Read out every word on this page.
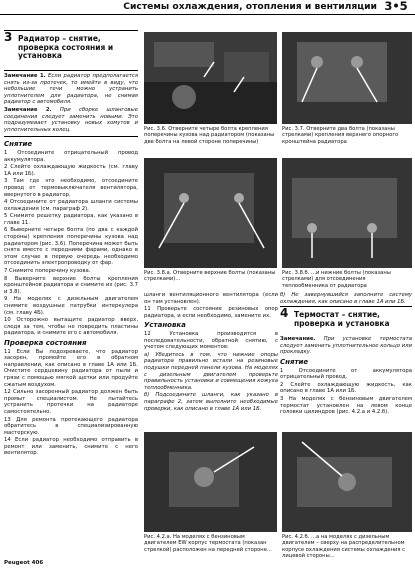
Системы охлаждения, отопления и вентиляции 3•5
3 Радиатор – снятие, проверка состояния и установка

Замечание 1. Если радиатор предполагается снять из-за протечек, то имейте в виду, что небольшие течи можно устранить уплотнителем для радиатора, не снимая радиатор с автомобиля.

Замечание 2. При сборке шланговые соединения следует заменить новыми. Это подразумевает установку новых хомутов и уплотнительных колец.

Снятие

1 Отсоедините отрицательный провод аккумулятора.

2 Слейте охлаждающую жидкость (см. главу 1А или 1Б).

3 Там где это необходимо, отсоедините провод от термовыключателя вентилятора, ввернутого в радиатор.

4 Отсоедините от радиатора шланги системы охлаждения (см. параграф 2).

5 Снимите решетку радиатора, как указано в главе 11.

6 Выверните четыре болта (по два с каждой стороны) крепления поперечины кузова над радиатором (рис. 3.6). Поперечина может быть снята вместе с передними фарами, однако в этом случае в первую очередь необходимо отсоединить электропроводку от фар.

7 Снимите поперечину кузова.

8 Выверните верхние болты крепления кронштейнов радиатора и снимите их (рис. 3.7 и 3.8).

9 На моделях с дизельным двигателем снимите воздушные патрубки интеркулера (см. главу 4Б).

10 Осторожно вытащите радиатор вверх, следя за тем, чтобы не повредить пластины радиатора, и снимите его с автомобиля.

Проверка состояния

11 Если Вы подозреваете, что радиатор засорен, промойте его в обратном направлении, как описано в главе 1А или 1Б. Очистите сердцевину радиатора от пыли и грязи с помощью мягкой щетки или продуйте сжатым воздухом.

12 Сильно засоренный радиатор должен быть промыт специалистом. Не пытайтесь устранить протечки на радиаторе самостоятельно.

13 Для ремонта протекающего радиатора обратитесь в специализированную мастерскую.

14 Если радиатор необходимо отправить в ремонт или заменить, снимите с него вентилятор.

Рис. 3.6. Отверните четыре болта крепления поперечины кузова над радиатором (показаны две болта на левой стороне поперечины)
Рис. 3.7. Отверните два болта (показаны стрелками) крепления верхнего опорного кронштейна радиатора
Рис. 3.8.а. Отверните верхние болты (показаны стрелками)...
Рис. 3.8.б. ...и нижние болты (показаны стрелками) для отсоединения теплообменника от радиатора

шланги вентиляционного вентилятора (если он там установлен).

11 Проверьте состояние резиновых опор радиатора, и если необходимо, замените их.

Установка

12 Установка производится в последовательности, обратной снятию, с учетом следующих моментов:

а) Убедитесь в том, что нижние опоры радиатора правильно встали на резиновые подушки передней панели кузова. На моделях с дизельным двигателем проверьте правильность установки и совмещения кожуха теплообменника.

б) Подсоедините шланги, как указано в параграфе 2, затем выполните необходимые проверки, как описано в главе 1А или 1Б.

б) Не завернувшийся заполните систему охлаждения, как описано в главе 1А или 1Б.

4 Термостат – снятие, проверка и установка

Замечание. При установке термостата следует заменить уплотнительное кольцо или прокладку.

Снятие

1 Отсоедините от аккумулятора отрицательный провод.

2 Слейте охлаждающую жидкость, как описано в главе 1А или 1Б.

3 На моделях с бензиновым двигателем термостат установлен на левом конце головки цилиндров (рис. 4.2.а и 4.2.б).

Рис. 4.2.а. На моделях с бензиновым двигателем EW корпус термостата (показан стрелкой) расположен на передней стороне...
Рис. 4.2.б. ...а на моделях с дизельным двигателем – сверху на распределительном корпусе охлаждения системы охлаждения с лицевой стороны...
Peugeot 406
